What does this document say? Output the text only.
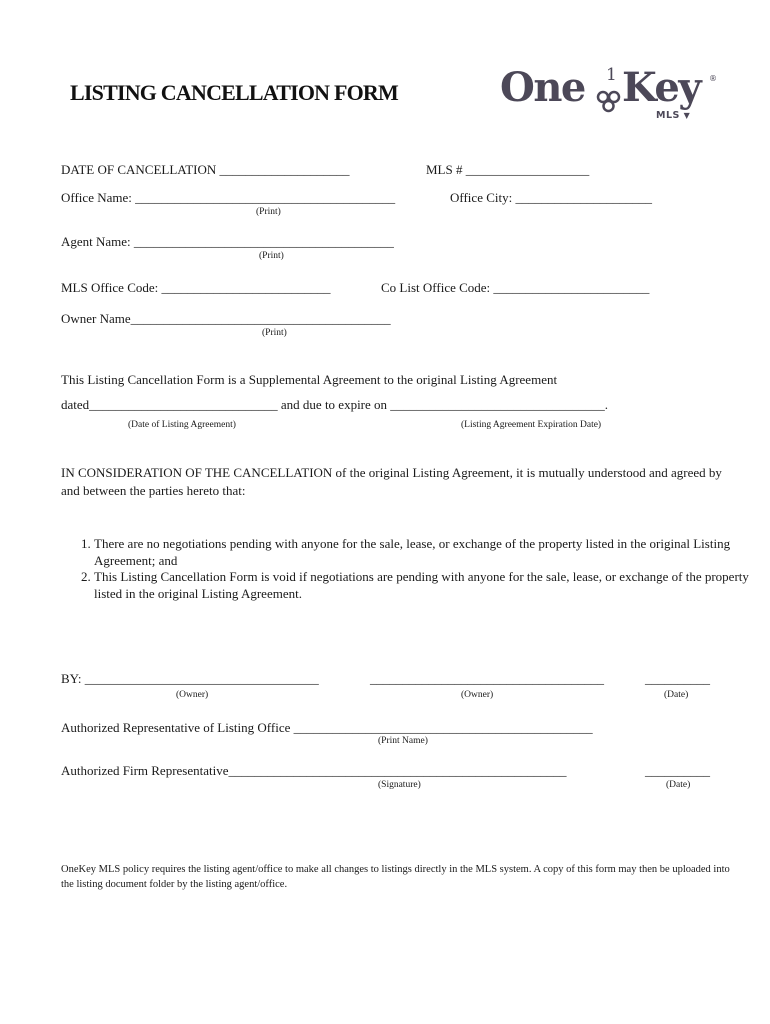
LISTING CANCELLATION FORM	One 1 Key ®
MLS ▼
DATE OF CANCELLATION ____________________	MLS # ___________________
Office Name: ________________________________________	Office City: _____________________
(Print)
Agent Name: ________________________________________
(Print)
MLS Office Code: __________________________	Co List Office Code: ________________________
Owner Name________________________________________
(Print)
This Listing Cancellation Form is a Supplemental Agreement to the original Listing Agreement
dated_____________________________ and due to expire on _________________________________.
(Date of Listing Agreement)	(Listing Agreement Expiration Date)
IN CONSIDERATION OF THE CANCELLATION of the original Listing Agreement, it is mutually understood and agreed by and between the parties hereto that:
1. There are no negotiations pending with anyone for the sale, lease, or exchange of the property listed in the original Listing Agreement; and
2. This Listing Cancellation Form is void if negotiations are pending with anyone for the sale, lease, or exchange of the property listed in the original Listing Agreement.
BY: ____________________________________	____________________________________	__________
(Owner)	(Owner)	(Date)
Authorized Representative of Listing Office ______________________________________________
(Print Name)
Authorized Firm Representative____________________________________________________	__________
(Signature)	(Date)
OneKey MLS policy requires the listing agent/office to make all changes to listings directly in the MLS system. A copy of this form may then be uploaded into the listing document folder by the listing agent/office.
